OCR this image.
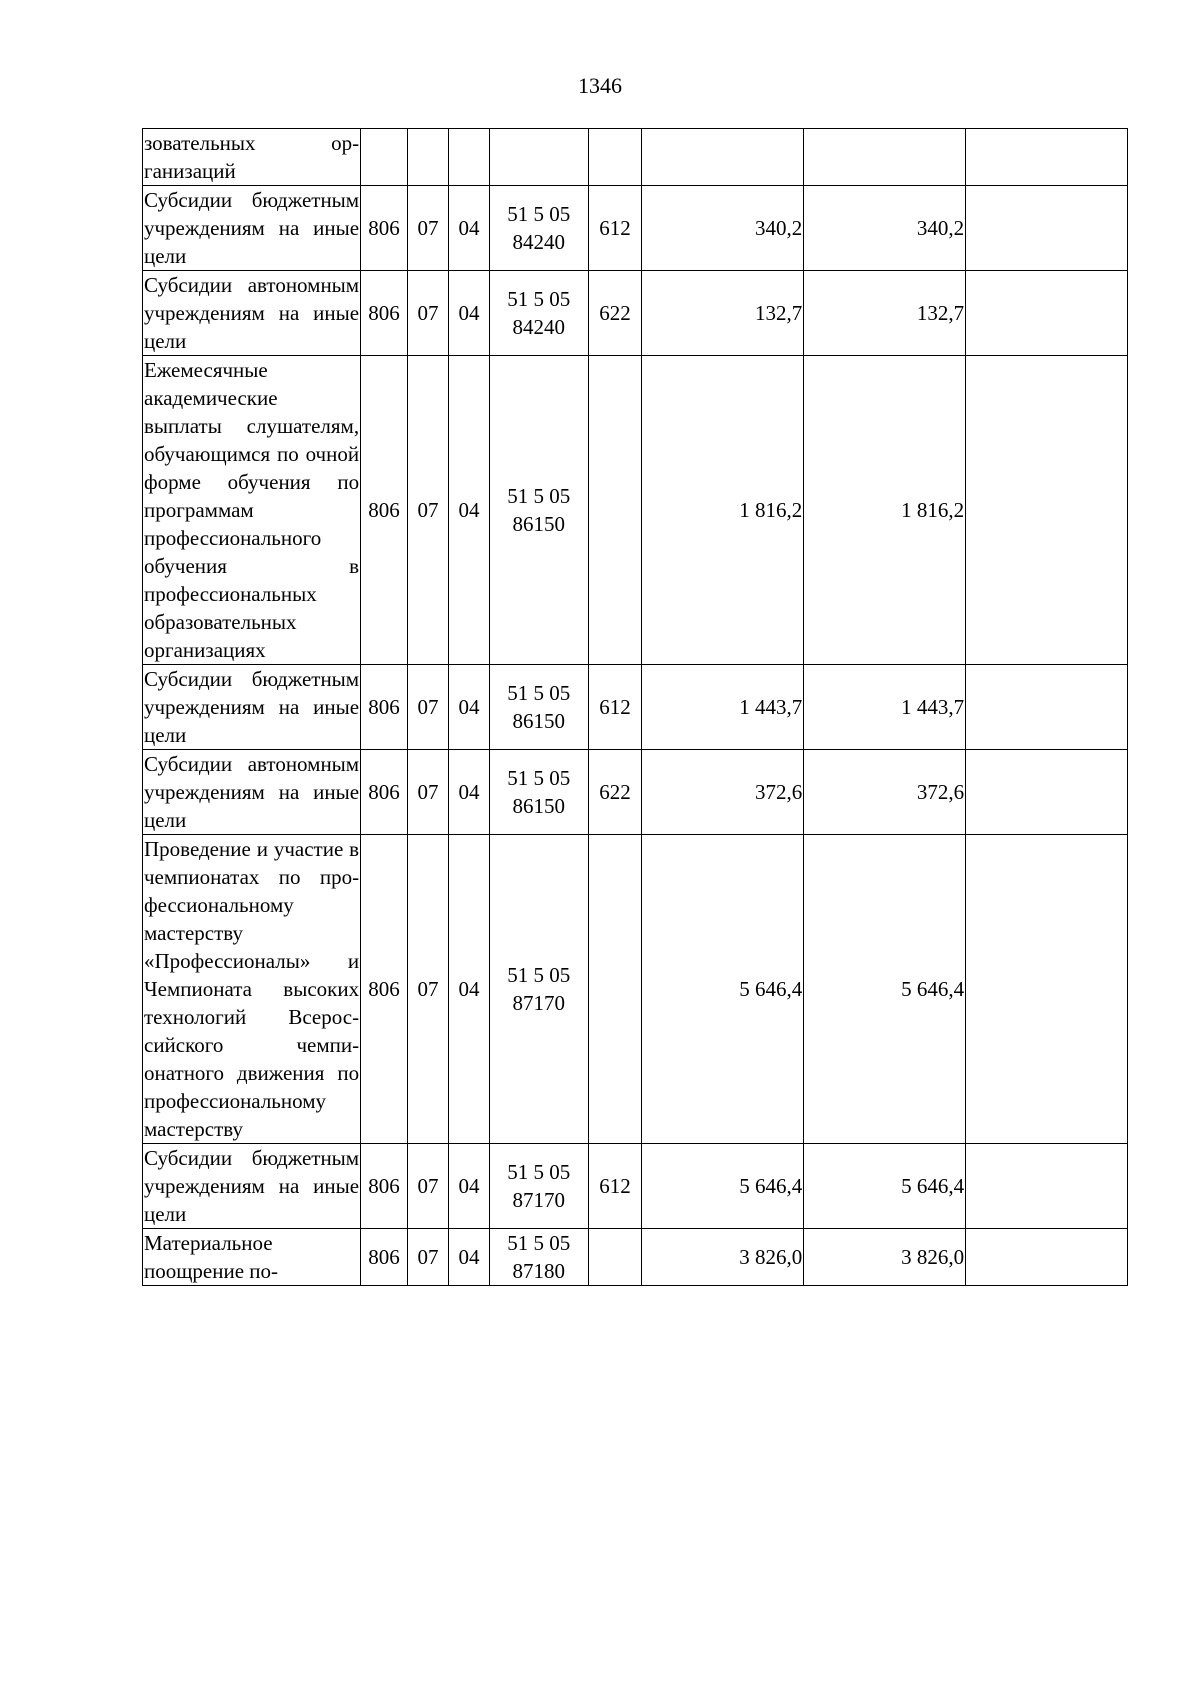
1346
зовательных организаций								
Субсидии бюджетным учреждениям на иные цели	806	07	04	51 5 05 84240	612	340,2	340,2	
Субсидии автономным учреждениям на иные цели	806	07	04	51 5 05 84240	622	132,7	132,7	
Ежемесячные академические выплаты слушателям, обучающимся по очной форме обучения по программам профессионального обучения в профессиональных образовательных организациях	806	07	04	51 5 05 86150		1 816,2	1 816,2	
Субсидии бюджетным учреждениям на иные цели	806	07	04	51 5 05 86150	612	1 443,7	1 443,7	
Субсидии автономным учреждениям на иные цели	806	07	04	51 5 05 86150	622	372,6	372,6	
Проведение и участие в чемпионатах по профессиональному мастерству «Профессионалы» и Чемпионата высоких технологий Всероссийского чемпионатного движения по профессиональному мастерству	806	07	04	51 5 05 87170		5 646,4	5 646,4	
Субсидии бюджетным учреждениям на иные цели	806	07	04	51 5 05 87170	612	5 646,4	5 646,4	
Материальное поощрение по-	806	07	04	51 5 05 87180		3 826,0	3 826,0	
